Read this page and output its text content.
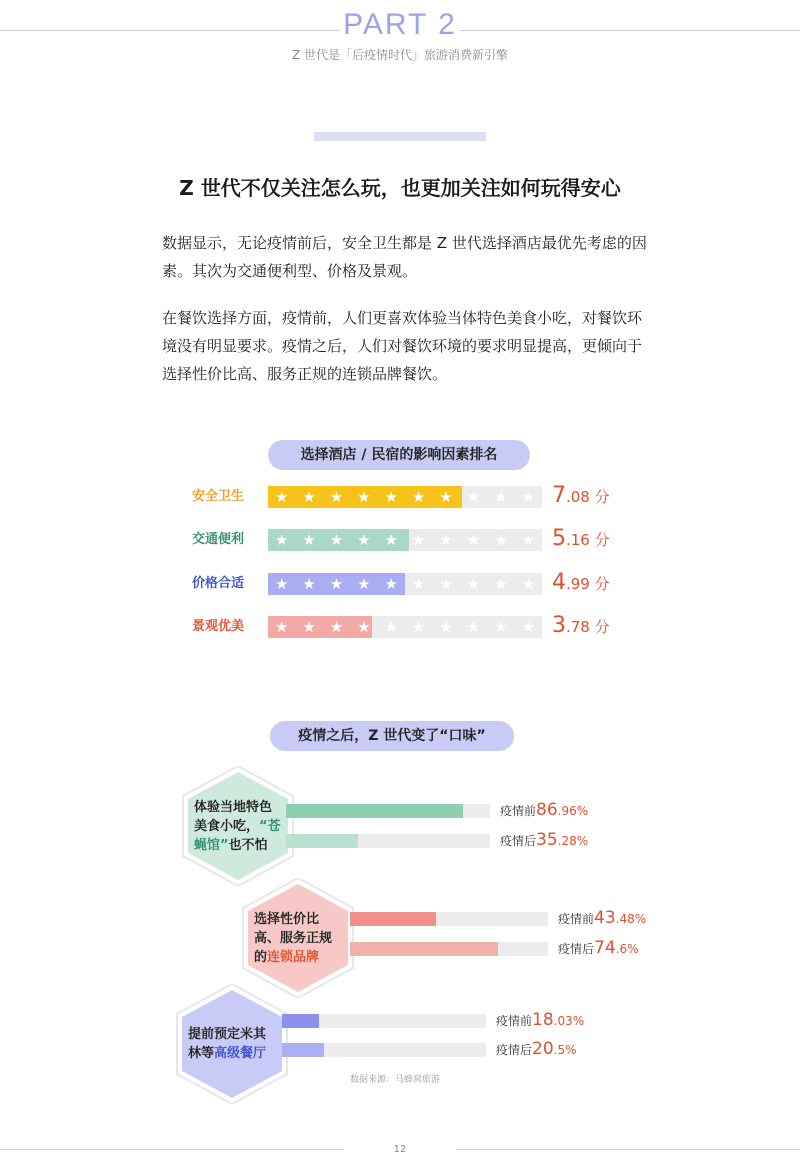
PART 2
Z 世代是「后疫情时代」旅游消费新引擎
Z 世代不仅关注怎么玩，也更加关注如何玩得安心

数据显示，无论疫情前后，安全卫生都是 Z 世代选择酒店最优先考虑的因素。其次为交通便利型、价格及景观。

在餐饮选择方面，疫情前，人们更喜欢体验当体特色美食小吃，对餐饮环境没有明显要求。疫情之后，人们对餐饮环境的要求明显提高，更倾向于选择性价比高、服务正规的连锁品牌餐饮。

选择酒店 / 民宿的影响因素排名
安全卫生 ★ ★ ★ ★ ★ ★ ★ ★ ★ ★ 7.08 分
交通便利 ★ ★ ★ ★ ★ ★ ★ ★ ★ ★ 5.16 分
价格合适 ★ ★ ★ ★ ★ ★ ★ ★ ★ ★ 4.99 分
景观优美 ★ ★ ★ ★ ★ ★ ★ ★ ★ ★ 3.78 分
疫情之后，Z 世代变了“口味”
体验当地特色美食小吃，“苍蝇馆”也不怕
疫情前86.96%
疫情后35.28%
选择性价比高、服务正规的连锁品牌
疫情前43.48%
疫情后74.6%
提前预定米其林等高级餐厅
疫情前18.03%
疫情后20.5%
数据来源：马蜂窝旅游
12
